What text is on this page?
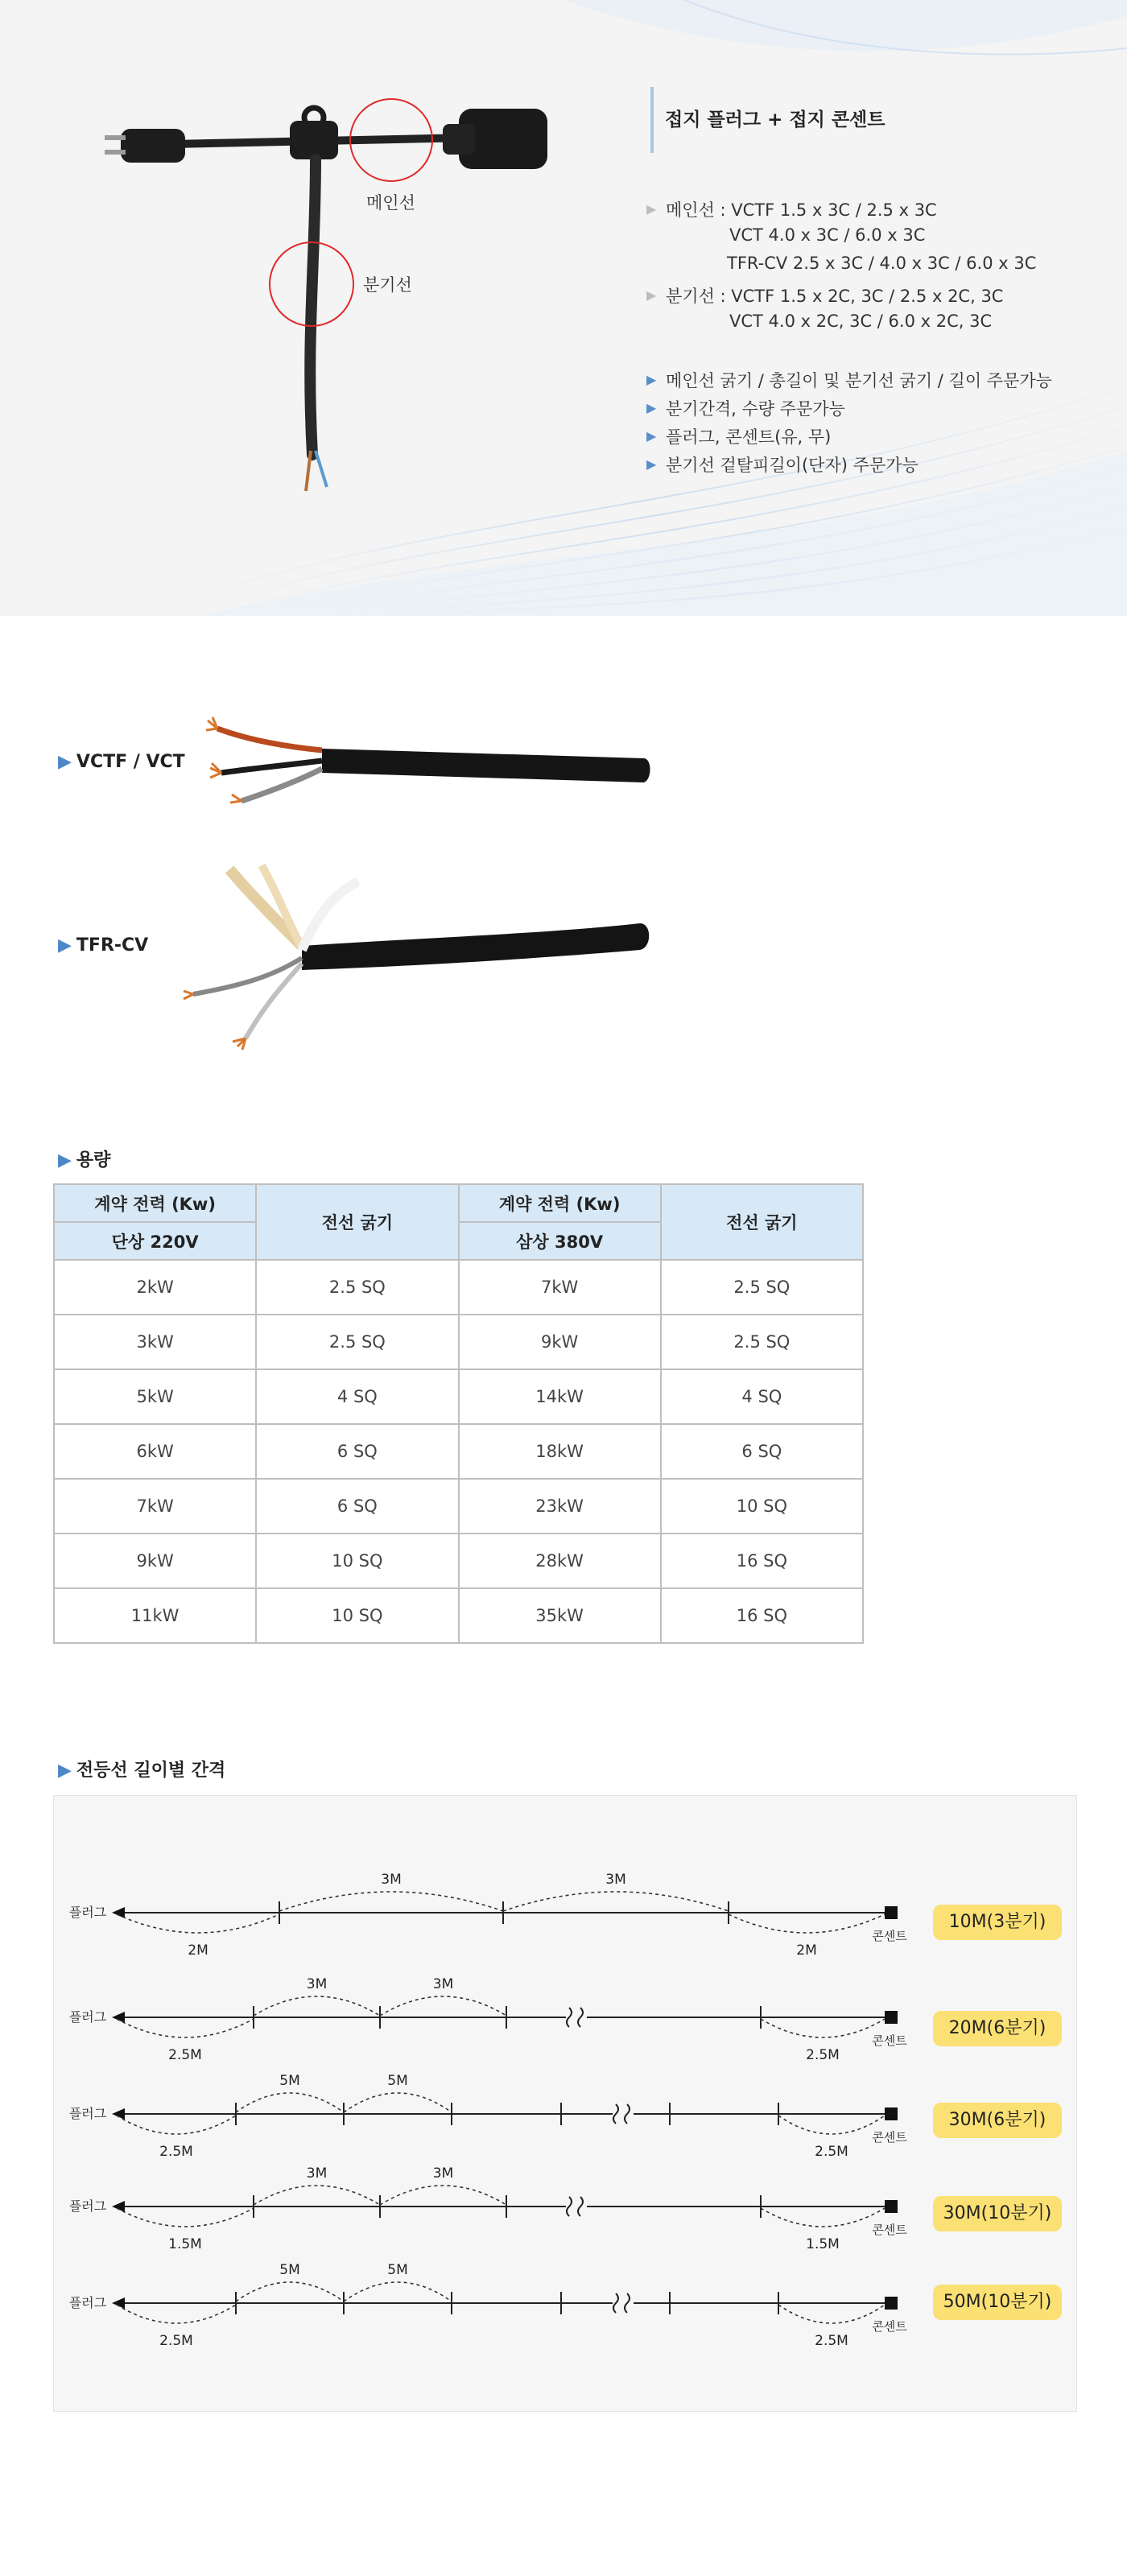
메인선
분기선
접지 플러그 + 접지 콘센트
▶ 메인선 : VCTF 1.5 x 3C / 2.5 x 3C
VCT 4.0 x 3C / 6.0 x 3C
TFR-CV 2.5 x 3C / 4.0 x 3C / 6.0 x 3C
▶ 분기선 : VCTF 1.5 x 2C, 3C / 2.5 x 2C, 3C
VCT 4.0 x 2C, 3C / 6.0 x 2C, 3C
▶ 메인선 굵기 / 총길이 및 분기선 굵기 / 길이 주문가능
▶ 분기간격, 수량 주문가능
▶ 플러그, 콘센트(유, 무)
▶ 분기선 겉탈피길이(단자) 주문가능
▶ VCTF / VCT
▶ TFR-CV
▶ 용량
계약 전력 (Kw)	전선 굵기	계약 전력 (Kw)	전선 굵기
단상 220V		삼상 380V	
2kW	2.5 SQ	7kW	2.5 SQ
3kW	2.5 SQ	9kW	2.5 SQ
5kW	4 SQ	14kW	4 SQ
6kW	6 SQ	18kW	6 SQ
7kW	6 SQ	23kW	10 SQ
9kW	10 SQ	28kW	16 SQ
11kW	10 SQ	35kW	16 SQ
▶ 전등선 길이별 간격
플러그
콘센트
3M	3M
2M	2M
플러그
콘센트
3M	3M
2.5M	2.5M
플러그
콘센트
5M	5M
2.5M	2.5M
플러그
콘센트
3M	3M
1.5M	1.5M
플러그
콘센트
5M	5M
2.5M	2.5M
10M(3분기)
20M(6분기)
30M(6분기)
30M(10분기)
50M(10분기)
